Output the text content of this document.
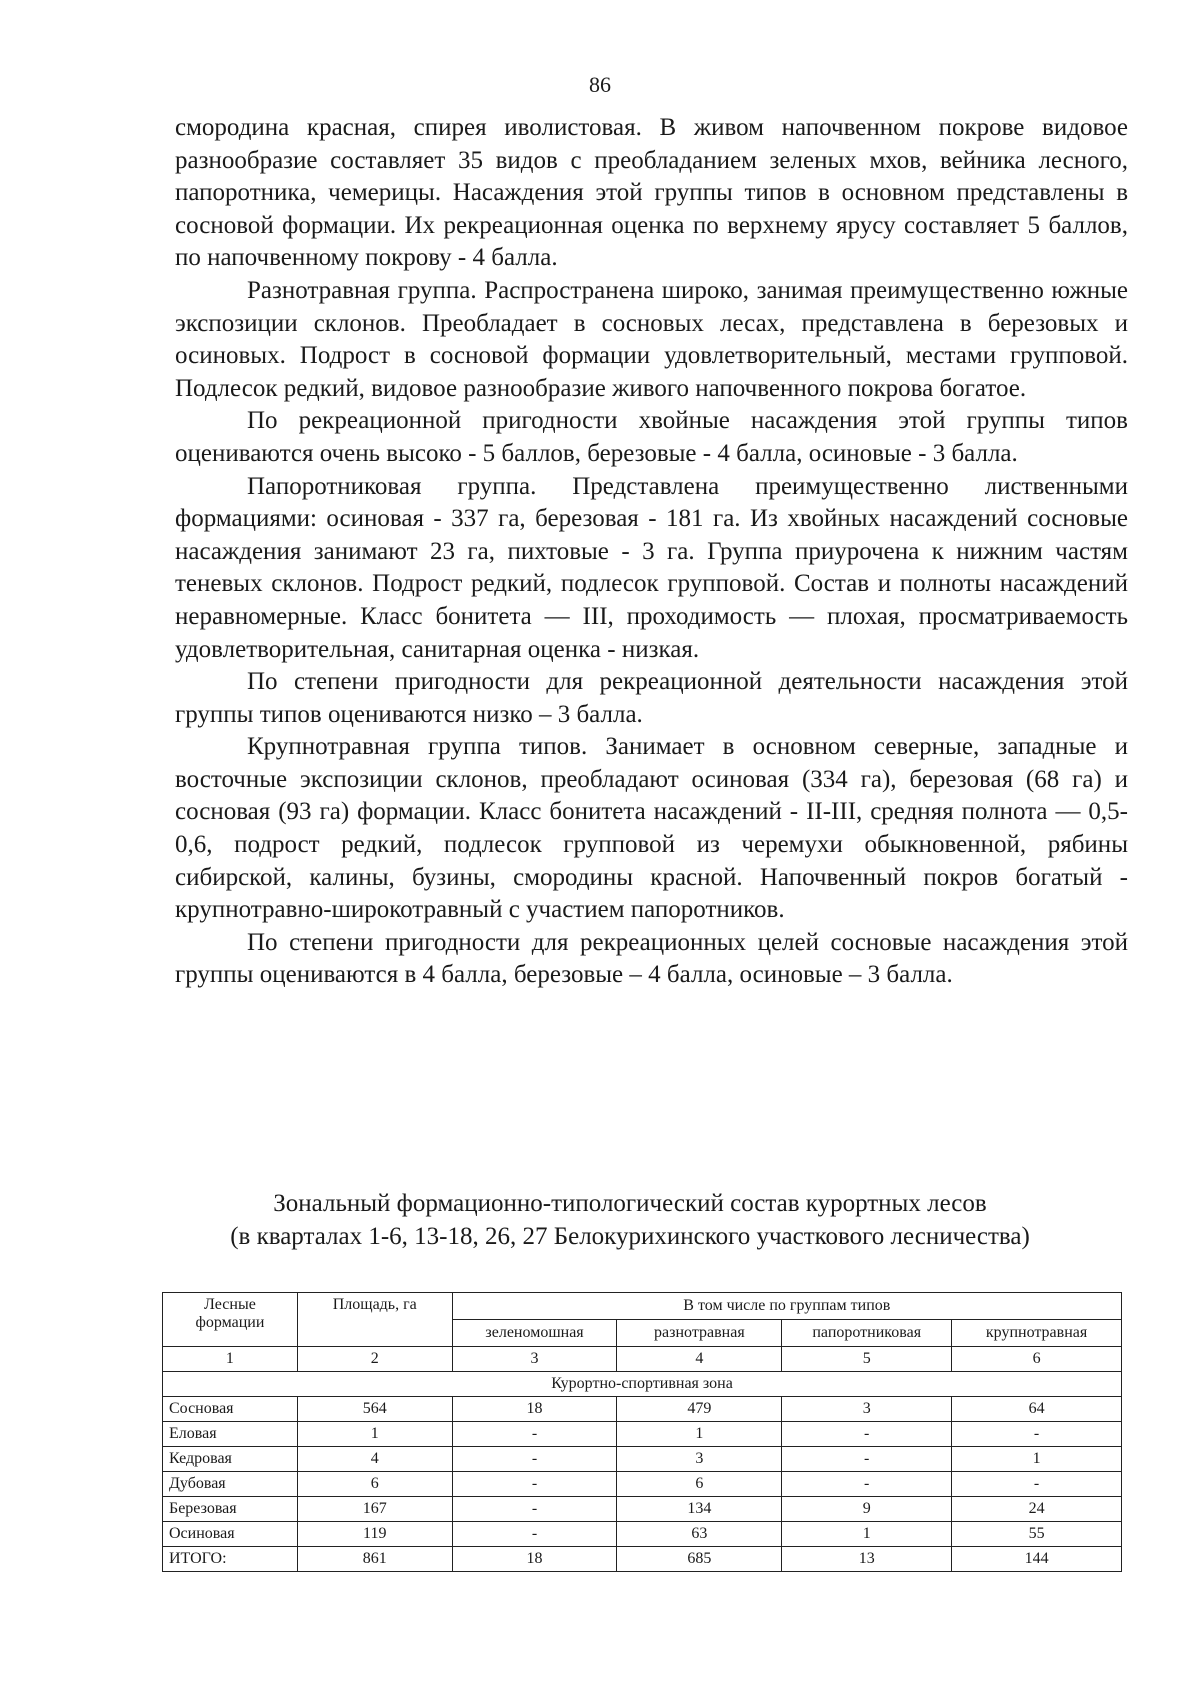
86

смородина красная, спирея иволистовая. В живом напочвенном покрове видовое разнообразие составляет 35 видов с преобладанием зеленых мхов, вейника лесного, папоротника, чемерицы. Насаждения этой группы типов в основном представлены в сосновой формации. Их рекреационная оценка по верхнему ярусу составляет 5 баллов, по напочвенному покрову - 4 балла.

Разнотравная группа. Распространена широко, занимая преимущественно южные экспозиции склонов. Преобладает в сосновых лесах, представлена в березовых и осиновых. Подрост в сосновой формации удовлетворительный, местами групповой. Подлесок редкий, видовое разнообразие живого напочвенного покрова богатое.

По рекреационной пригодности хвойные насаждения этой группы типов оцениваются очень высоко - 5 баллов, березовые - 4 балла, осиновые - 3 балла.

Папоротниковая группа. Представлена преимущественно лиственными формациями: осиновая - 337 га, березовая - 181 га. Из хвойных насаждений сосновые насаждения занимают 23 га, пихтовые - 3 га. Группа приурочена к нижним частям теневых склонов. Подрост редкий, подлесок групповой. Состав и полноты насаждений неравномерные. Класс бонитета — III, проходимость — плохая, просматриваемость удовлетворительная, санитарная оценка - низкая.

По степени пригодности для рекреационной деятельности насаждения этой группы типов оцениваются низко – 3 балла.

Крупнотравная группа типов. Занимает в основном северные, западные и восточные экспозиции склонов, преобладают осиновая (334 га), березовая (68 га) и сосновая (93 га) формации. Класс бонитета насаждений - II-III, средняя полнота — 0,5-0,6, подрост редкий, подлесок групповой из черемухи обыкновенной, рябины сибирской, калины, бузины, смородины красной. Напочвенный покров богатый - крупнотравно-широкотравный с участием папоротников.

По степени пригодности для рекреационных целей сосновые насаждения этой группы оцениваются в 4 балла, березовые – 4 балла, осиновые – 3 балла.

Зональный формационно-типологический состав курортных лесов
(в кварталах 1-6, 13-18, 26, 27 Белокурихинского участкового лесничества)
Лесные формации	Площадь, га	В том числе по группам типов			
		зеленомошная	разнотравная	папоротниковая	крупнотравная
1	2	3	4	5	6
Курортно-спортивная зона					
Сосновая	564	18	479	3	64
Еловая	1	-	1	-	-
Кедровая	4	-	3	-	1
Дубовая	6	-	6	-	-
Березовая	167	-	134	9	24
Осиновая	119	-	63	1	55
ИТОГО:	861	18	685	13	144
